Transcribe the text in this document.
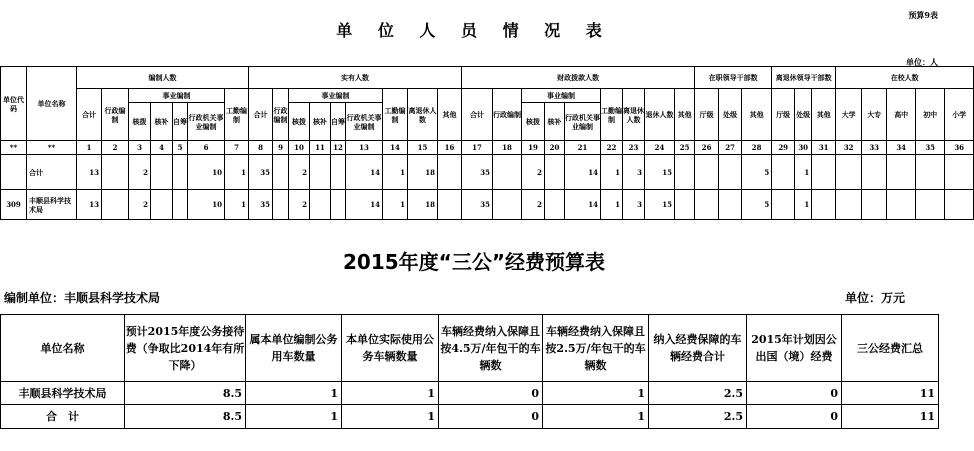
预算9表
单 位 人 员 情 况 表
单位：人
单位代码	单位名称	编制人数							实有人数									财政拨款人数									在职领导干部数			离退休领导干部数			在校人数				
		合计	行政编制	事业编制				工勤编制	合计	行政编制	事业编制				工勤编制	离退休人数	其他	合计	行政编制	事业编制			工勤编制	离退休人数	退休人数	其他	厅级	处级	其他	厅级	处级	其他	大学	大专	高中	初中	小学
				核拨	核补	自筹	行政机关事业编制				核拨	核补	自筹	行政机关事业编制						核拨	核补	行政机关事业编制															
**	**	1	2	3	4	5	6	7	8	9	10	11	12	13	14	15	16	17	18	19	20	21	22	23	24	25	26	27	28	29	30	31	32	33	34	35	36
	合计	13		2			10	1	35		2			14	1	18		35		2		14	1	3	15				5		1						
309	丰顺县科学技术局	13		2			10	1	35		2			14	1	18		35		2		14	1	3	15				5		1						
2015年度“三公”经费预算表
编制单位：丰顺县科学技术局	单位：万元
单位名称	预计2015年度公务接待费（争取比2014年有所下降）	属本单位编制公务用车数量	本单位实际使用公务车辆数量	车辆经费纳入保障且按4.5万/年包干的车辆数	车辆经费纳入保障且按2.5万/年包干的车辆数	纳入经费保障的车辆经费合计	2015年计划因公出国（境）经费	三公经费汇总
丰顺县科学技术局	8.5	1	1	0	1	2.5	0	11
合　计	8.5	1	1	0	1	2.5	0	11
